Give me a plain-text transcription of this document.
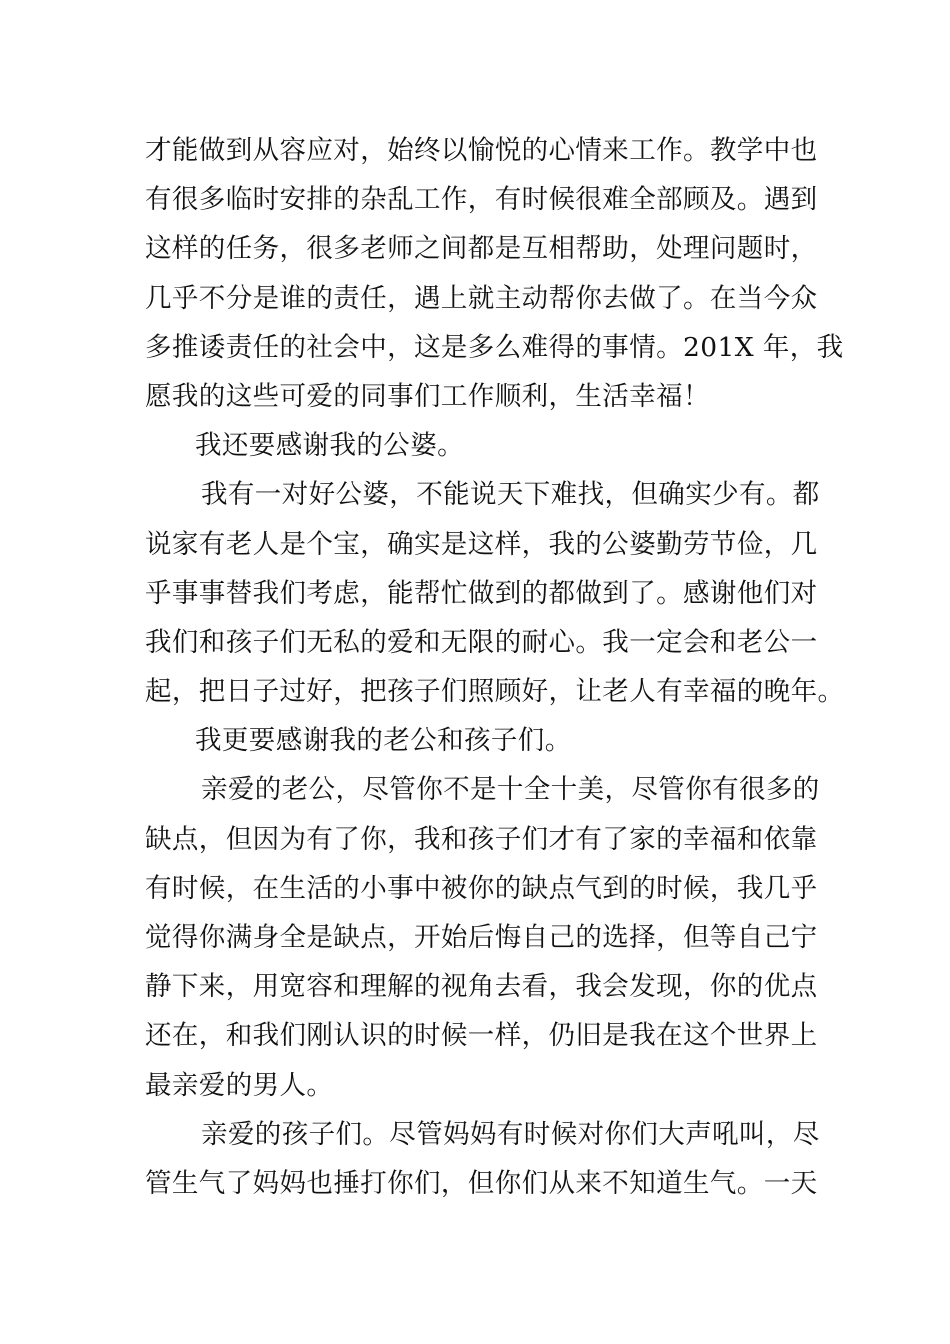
才能做到从容应对，始终以愉悦的心情来工作。教学中也
有很多临时安排的杂乱工作，有时候很难全部顾及。遇到
这样的任务，很多老师之间都是互相帮助，处理问题时，
几乎不分是谁的责任，遇上就主动帮你去做了。在当今众
多推诿责任的社会中，这是多么难得的事情。201X 年，我
愿我的这些可爱的同事们工作顺利，生活幸福！
我还要感谢我的公婆。
我有一对好公婆，不能说天下难找，但确实少有。都
说家有老人是个宝，确实是这样，我的公婆勤劳节俭，几
乎事事替我们考虑，能帮忙做到的都做到了。感谢他们对
我们和孩子们无私的爱和无限的耐心。我一定会和老公一
起，把日子过好，把孩子们照顾好，让老人有幸福的晚年。
我更要感谢我的老公和孩子们。
亲爱的老公，尽管你不是十全十美，尽管你有很多的
缺点，但因为有了你，我和孩子们才有了家的幸福和依靠
有时候，在生活的小事中被你的缺点气到的时候，我几乎
觉得你满身全是缺点，开始后悔自己的选择，但等自己宁
静下来，用宽容和理解的视角去看，我会发现，你的优点
还在，和我们刚认识的时候一样，仍旧是我在这个世界上
最亲爱的男人。
亲爱的孩子们。尽管妈妈有时候对你们大声吼叫，尽
管生气了妈妈也捶打你们，但你们从来不知道生气。一天
